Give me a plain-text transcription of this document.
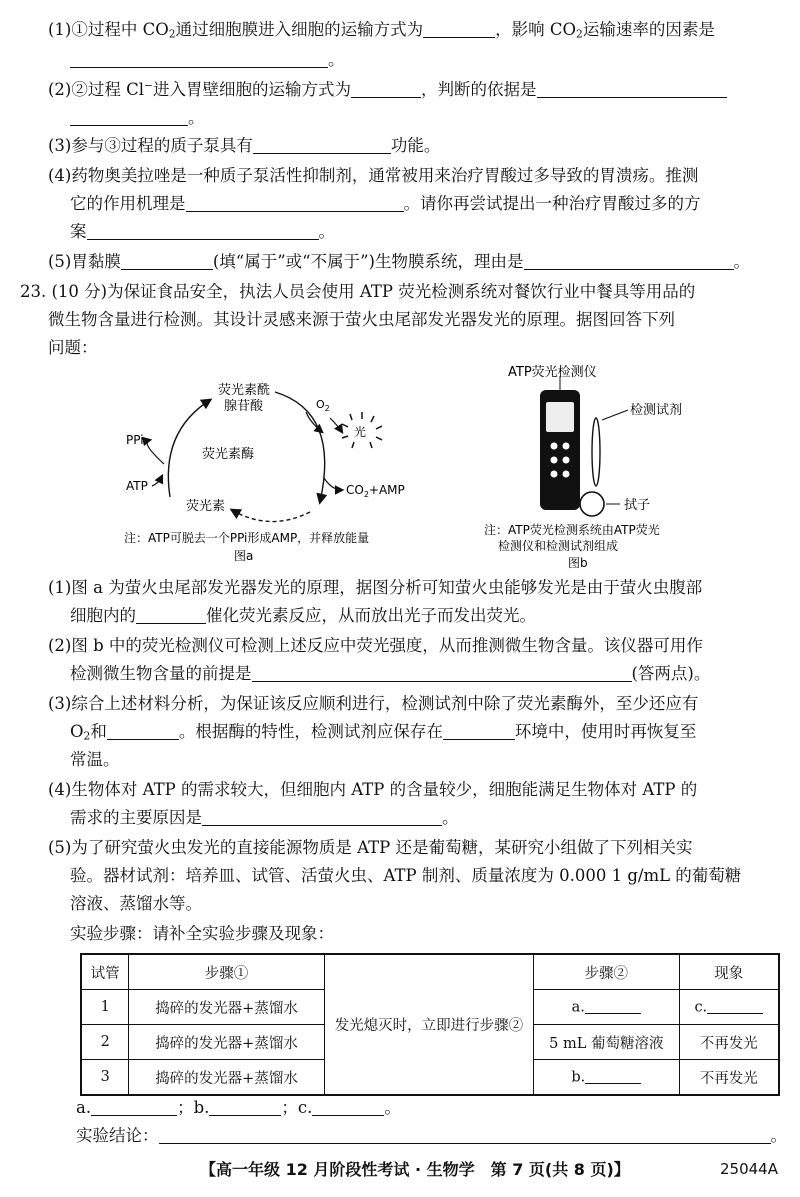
(1)①过程中 $CO_2$通过细胞膜进入细胞的运输方式为	，影响 $CO_2$运输速率的因素是
。
(2)②过程 Cl−进入胃壁细胞的运输方式为	，判断的依据是
。
(3)参与③过程的质子泵具有	功能。
(4)药物奥美拉唑是一种质子泵活性抑制剂，通常被用来治疗胃酸过多导致的胃溃疡。推测
它的作用机理是	。请你再尝试提出一种治疗胃酸过多的方
案	。
(5)胃黏膜	(填“属于”或“不属于”)生物膜系统，理由是	。
23. (10 分)为保证食品安全，执法人员会使用 ATP 荧光检测系统对餐饮行业中餐具等用品的
微生物含量进行检测。其设计灵感来源于萤火虫尾部发光器发光的原理。据图回答下列
问题：
荧光素酰
腺苷酸
荧光素酶
荧光素
PPi
ATP
$O_2$
光
$CO_2+AMP$
注：ATP可脱去一个PPi形成AMP，并释放能量
图a
ATP荧光检测仪
检测试剂
拭子
注：ATP荧光检测系统由ATP荧光
检测仪和检测试剂组成
图b
(1)图 a 为萤火虫尾部发光器发光的原理，据图分析可知萤火虫能够发光是由于萤火虫腹部
细胞内的	催化荧光素反应，从而放出光子而发出荧光。
(2)图 b 中的荧光检测仪可检测上述反应中荧光强度，从而推测微生物含量。该仪器可用作
检测微生物含量的前提是	(答两点)。
(3)综合上述材料分析，为保证该反应顺利进行，检测试剂中除了荧光素酶外，至少还应有
$O_2$和	。根据酶的特性，检测试剂应保存在	环境中，使用时再恢复至
常温。
(4)生物体对 ATP 的需求较大，但细胞内 ATP 的含量较少，细胞能满足生物体对 ATP 的
需求的主要原因是	。
(5)为了研究萤火虫发光的直接能源物质是 ATP 还是葡萄糖，某研究小组做了下列相关实
验。器材试剂：培养皿、试管、活萤火虫、ATP 制剂、质量浓度为 0.000 1 g/mL 的葡萄糖
溶液、蒸馏水等。
实验步骤：请补全实验步骤及现象：
试管	步骤①	发光熄灭时，立即进行步骤②	步骤②	现象
1	捣碎的发光器+蒸馏水		a.	c.
2	捣碎的发光器+蒸馏水		5 mL 葡萄糖溶液	不再发光
3	捣碎的发光器+蒸馏水		b.	不再发光
a.	；b.	；c.	。
实验结论：	。
【高一年级 12 月阶段性考试 · 生物学　第 7 页(共 8 页)】	25044A
